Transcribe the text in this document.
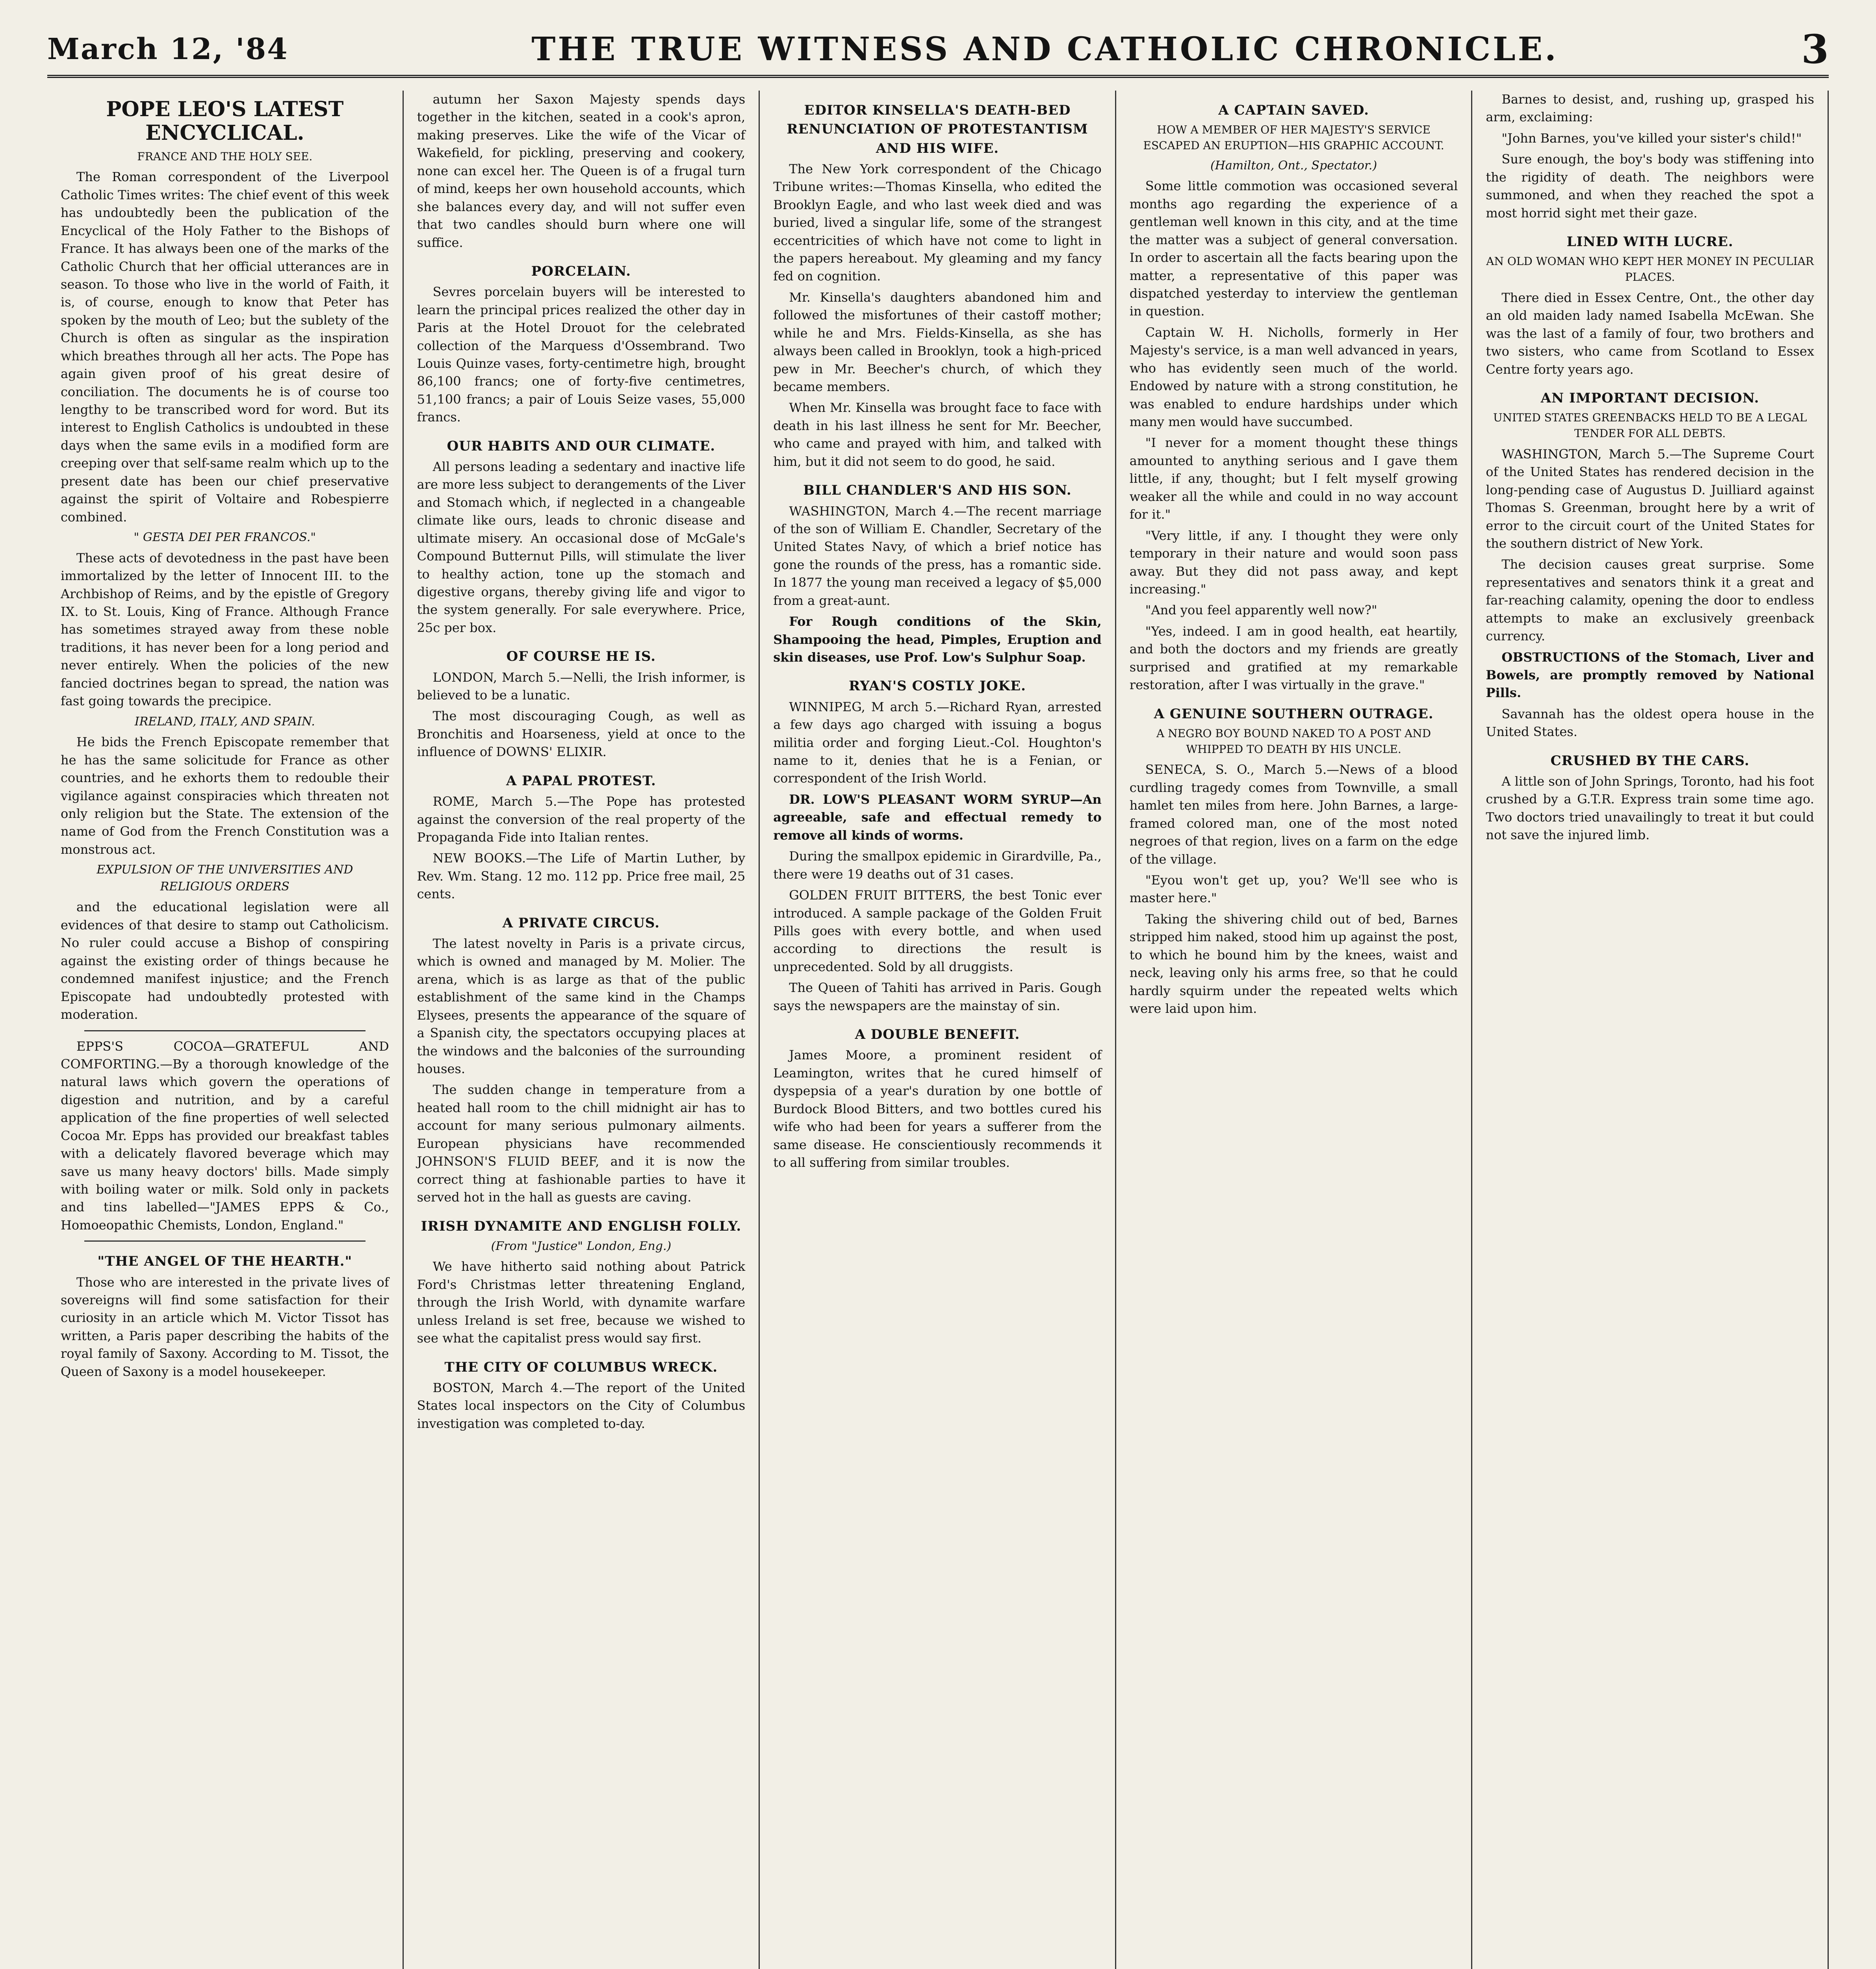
March 12, '84	THE TRUE WITNESS AND CATHOLIC CHRONICLE.	3
POPE LEO'S LATEST ENCYCLICAL.
FRANCE AND THE HOLY SEE.

The Roman correspondent of the Liverpool Catholic Times writes: The chief event of this week has undoubtedly been the publication of the Encyclical of the Holy Father to the Bishops of France. It has always been one of the marks of the Catholic Church that her official utterances are in season. To those who live in the world of Faith, it is, of course, enough to know that Peter has spoken by the mouth of Leo; but the sublety of the Church is often as singular as the inspiration which breathes through all her acts. The Pope has again given proof of his great desire of conciliation. The documents he is of course too lengthy to be transcribed word for word. But its interest to English Catholics is undoubted in these days when the same evils in a modified form are creeping over that self-same realm which up to the present date has been our chief preservative against the spirit of Voltaire and Robespierre combined.

" GESTA DEI PER FRANCOS."

These acts of devotedness in the past have been immortalized by the letter of Innocent III. to the Archbishop of Reims, and by the epistle of Gregory IX. to St. Louis, King of France. Although France has sometimes strayed away from these noble traditions, it has never been for a long period and never entirely. When the policies of the new fancied doctrines began to spread, the nation was fast going towards the precipice.

IRELAND, ITALY, AND SPAIN.

He bids the French Episcopate remember that he has the same solicitude for France as other countries, and he exhorts them to redouble their vigilance against conspiracies which threaten not only religion but the State. The extension of the name of God from the French Constitution was a monstrous act.

EXPULSION OF THE UNIVERSITIES AND RELIGIOUS ORDERS

and the educational legislation were all evidences of that desire to stamp out Catholicism. No ruler could accuse a Bishop of conspiring against the existing order of things because he condemned manifest injustice; and the French Episcopate had undoubtedly protested with moderation.

EPPS'S COCOA—GRATEFUL AND COMFORTING.—By a thorough knowledge of the natural laws which govern the operations of digestion and nutrition, and by a careful application of the fine properties of well selected Cocoa Mr. Epps has provided our breakfast tables with a delicately flavored beverage which may save us many heavy doctors' bills. Made simply with boiling water or milk. Sold only in packets and tins labelled—"JAMES EPPS & Co., Homoeopathic Chemists, London, England."

"THE ANGEL OF THE HEARTH."

Those who are interested in the private lives of sovereigns will find some satisfaction for their curiosity in an article which M. Victor Tissot has written, a Paris paper describing the habits of the royal family of Saxony. According to M. Tissot, the Queen of Saxony is a model housekeeper.

autumn her Saxon Majesty spends days together in the kitchen, seated in a cook's apron, making preserves. Like the wife of the Vicar of Wakefield, for pickling, preserving and cookery, none can excel her. The Queen is of a frugal turn of mind, keeps her own household accounts, which she balances every day, and will not suffer even that two candles should burn where one will suffice.

PORCELAIN.

Sevres porcelain buyers will be interested to learn the principal prices realized the other day in Paris at the Hotel Drouot for the celebrated collection of the Marquess d'Ossembrand. Two Louis Quinze vases, forty-centimetre high, brought 86,100 francs; one of forty-five centimetres, 51,100 francs; a pair of Louis Seize vases, 55,000 francs.

OUR HABITS AND OUR CLIMATE.

All persons leading a sedentary and inactive life are more less subject to derangements of the Liver and Stomach which, if neglected in a changeable climate like ours, leads to chronic disease and ultimate misery. An occasional dose of McGale's Compound Butternut Pills, will stimulate the liver to healthy action, tone up the stomach and digestive organs, thereby giving life and vigor to the system generally. For sale everywhere. Price, 25c per box.

OF COURSE HE IS.

LONDON, March 5.—Nelli, the Irish informer, is believed to be a lunatic.

The most discouraging Cough, as well as Bronchitis and Hoarseness, yield at once to the influence of DOWNS' ELIXIR.

A PAPAL PROTEST.

ROME, March 5.—The Pope has protested against the conversion of the real property of the Propaganda Fide into Italian rentes.

NEW BOOKS.—The Life of Martin Luther, by Rev. Wm. Stang. 12 mo. 112 pp. Price free mail, 25 cents.

A PRIVATE CIRCUS.

The latest novelty in Paris is a private circus, which is owned and managed by M. Molier. The arena, which is as large as that of the public establishment of the same kind in the Champs Elysees, presents the appearance of the square of a Spanish city, the spectators occupying places at the windows and the balconies of the surrounding houses.

The sudden change in temperature from a heated hall room to the chill midnight air has to account for many serious pulmonary ailments. European physicians have recommended JOHNSON'S FLUID BEEF, and it is now the correct thing at fashionable parties to have it served hot in the hall as guests are caving.

IRISH DYNAMITE AND ENGLISH FOLLY.

(From "Justice" London, Eng.)

We have hitherto said nothing about Patrick Ford's Christmas letter threatening England, through the Irish World, with dynamite warfare unless Ireland is set free, because we wished to see what the capitalist press would say first.

THE CITY OF COLUMBUS WRECK.

BOSTON, March 4.—The report of the United States local inspectors on the City of Columbus investigation was completed to-day.

EDITOR KINSELLA'S DEATH-BED RENUNCIATION OF PROTESTANTISM AND HIS WIFE.

The New York correspondent of the Chicago Tribune writes:—Thomas Kinsella, who edited the Brooklyn Eagle, and who last week died and was buried, lived a singular life, some of the strangest eccentricities of which have not come to light in the papers hereabout. My gleaming and my fancy fed on cognition.

Mr. Kinsella's daughters abandoned him and followed the misfortunes of their castoff mother; while he and Mrs. Fields-Kinsella, as she has always been called in Brooklyn, took a high-priced pew in Mr. Beecher's church, of which they became members.

When Mr. Kinsella was brought face to face with death in his last illness he sent for Mr. Beecher, who came and prayed with him, and talked with him, but it did not seem to do good, he said.

BILL CHANDLER'S AND HIS SON.

WASHINGTON, March 4.—The recent marriage of the son of William E. Chandler, Secretary of the United States Navy, of which a brief notice has gone the rounds of the press, has a romantic side. In 1877 the young man received a legacy of $5,000 from a great-aunt.

For Rough conditions of the Skin, Shampooing the head, Pimples, Eruption and skin diseases, use Prof. Low's Sulphur Soap.

RYAN'S COSTLY JOKE.

WINNIPEG, M arch 5.—Richard Ryan, arrested a few days ago charged with issuing a bogus militia order and forging Lieut.-Col. Houghton's name to it, denies that he is a Fenian, or correspondent of the Irish World.

DR. LOW'S PLEASANT WORM SYRUP—An agreeable, safe and effectual remedy to remove all kinds of worms.

During the smallpox epidemic in Girardville, Pa., there were 19 deaths out of 31 cases.

GOLDEN FRUIT BITTERS, the best Tonic ever introduced. A sample package of the Golden Fruit Pills goes with every bottle, and when used according to directions the result is unprecedented. Sold by all druggists.

The Queen of Tahiti has arrived in Paris. Gough says the newspapers are the mainstay of sin.

A DOUBLE BENEFIT.

James Moore, a prominent resident of Leamington, writes that he cured himself of dyspepsia of a year's duration by one bottle of Burdock Blood Bitters, and two bottles cured his wife who had been for years a sufferer from the same disease. He conscientiously recommends it to all suffering from similar troubles.

A CAPTAIN SAVED.
HOW A MEMBER OF HER MAJESTY'S SERVICE ESCAPED AN ERUPTION—HIS GRAPHIC ACCOUNT.

(Hamilton, Ont., Spectator.)

Some little commotion was occasioned several months ago regarding the experience of a gentleman well known in this city, and at the time the matter was a subject of general conversation. In order to ascertain all the facts bearing upon the matter, a representative of this paper was dispatched yesterday to interview the gentleman in question.

Captain W. H. Nicholls, formerly in Her Majesty's service, is a man well advanced in years, who has evidently seen much of the world. Endowed by nature with a strong constitution, he was enabled to endure hardships under which many men would have succumbed.

"I never for a moment thought these things amounted to anything serious and I gave them little, if any, thought; but I felt myself growing weaker all the while and could in no way account for it."

"Very little, if any. I thought they were only temporary in their nature and would soon pass away. But they did not pass away, and kept increasing."

"And you feel apparently well now?"

"Yes, indeed. I am in good health, eat heartily, and both the doctors and my friends are greatly surprised and gratified at my remarkable restoration, after I was virtually in the grave."

A GENUINE SOUTHERN OUTRAGE.
A NEGRO BOY BOUND NAKED TO A POST AND WHIPPED TO DEATH BY HIS UNCLE.

SENECA, S. O., March 5.—News of a blood curdling tragedy comes from Townville, a small hamlet ten miles from here. John Barnes, a large-framed colored man, one of the most noted negroes of that region, lives on a farm on the edge of the village.

"Eyou won't get up, you? We'll see who is master here."

Taking the shivering child out of bed, Barnes stripped him naked, stood him up against the post, to which he bound him by the knees, waist and neck, leaving only his arms free, so that he could hardly squirm under the repeated welts which were laid upon him.

Barnes to desist, and, rushing up, grasped his arm, exclaiming:

"John Barnes, you've killed your sister's child!"

Sure enough, the boy's body was stiffening into the rigidity of death. The neighbors were summoned, and when they reached the spot a most horrid sight met their gaze.

LINED WITH LUCRE.
AN OLD WOMAN WHO KEPT HER MONEY IN PECULIAR PLACES.

There died in Essex Centre, Ont., the other day an old maiden lady named Isabella McEwan. She was the last of a family of four, two brothers and two sisters, who came from Scotland to Essex Centre forty years ago.

AN IMPORTANT DECISION.
UNITED STATES GREENBACKS HELD TO BE A LEGAL TENDER FOR ALL DEBTS.

WASHINGTON, March 5.—The Supreme Court of the United States has rendered decision in the long-pending case of Augustus D. Juilliard against Thomas S. Greenman, brought here by a writ of error to the circuit court of the United States for the southern district of New York.

The decision causes great surprise. Some representatives and senators think it a great and far-reaching calamity, opening the door to endless attempts to make an exclusively greenback currency.

OBSTRUCTIONS of the Stomach, Liver and Bowels, are promptly removed by National Pills.

Savannah has the oldest opera house in the United States.

CRUSHED BY THE CARS.

A little son of John Springs, Toronto, had his foot crushed by a G.T.R. Express train some time ago. Two doctors tried unavailingly to treat it but could not save the injured limb.
